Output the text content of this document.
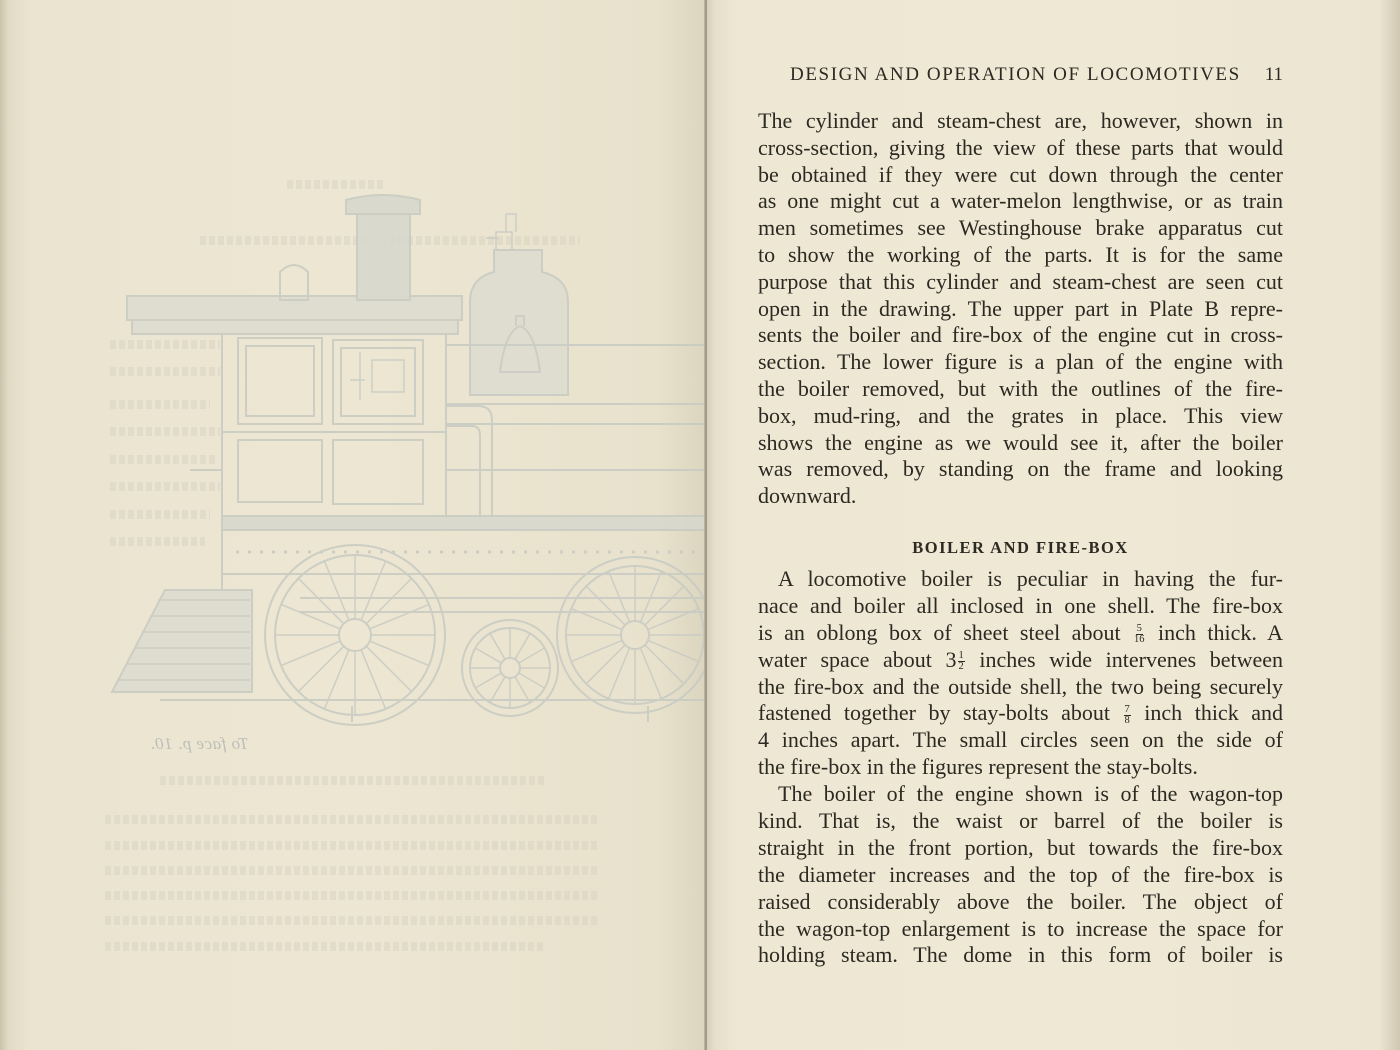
To face p. 10.
DESIGN AND OPERATION OF LOCOMOTIVES 11
The cylinder and steam-chest are, however, shown in
cross-section, giving the view of these parts that would
be obtained if they were cut down through the center
as one might cut a water-melon lengthwise, or as train
men sometimes see Westinghouse brake apparatus cut
to show the working of the parts. It is for the same
purpose that this cylinder and steam-chest are seen cut
open in the drawing. The upper part in Plate B repre-
sents the boiler and fire-box of the engine cut in cross-
section. The lower figure is a plan of the engine with
the boiler removed, but with the outlines of the fire-
box, mud-ring, and the grates in place. This view
shows the engine as we would see it, after the boiler
was removed, by standing on the frame and looking
downward.
BOILER AND FIRE-BOX
A locomotive boiler is peculiar in having the fur-
nace and boiler all inclosed in one shell. The fire-box
is an oblong box of sheet steel about $\frac{5}{16}$ inch thick. A
water space about $3 \frac{1}{2}$ inches wide intervenes between
the fire-box and the outside shell, the two being securely
fastened together by stay-bolts about $\frac{7}{8}$ inch thick and
4 inches apart. The small circles seen on the side of
the fire-box in the figures represent the stay-bolts.
The boiler of the engine shown is of the wagon-top
kind. That is, the waist or barrel of the boiler is
straight in the front portion, but towards the fire-box
the diameter increases and the top of the fire-box is
raised considerably above the boiler. The object of
the wagon-top enlargement is to increase the space for
holding steam. The dome in this form of boiler is
